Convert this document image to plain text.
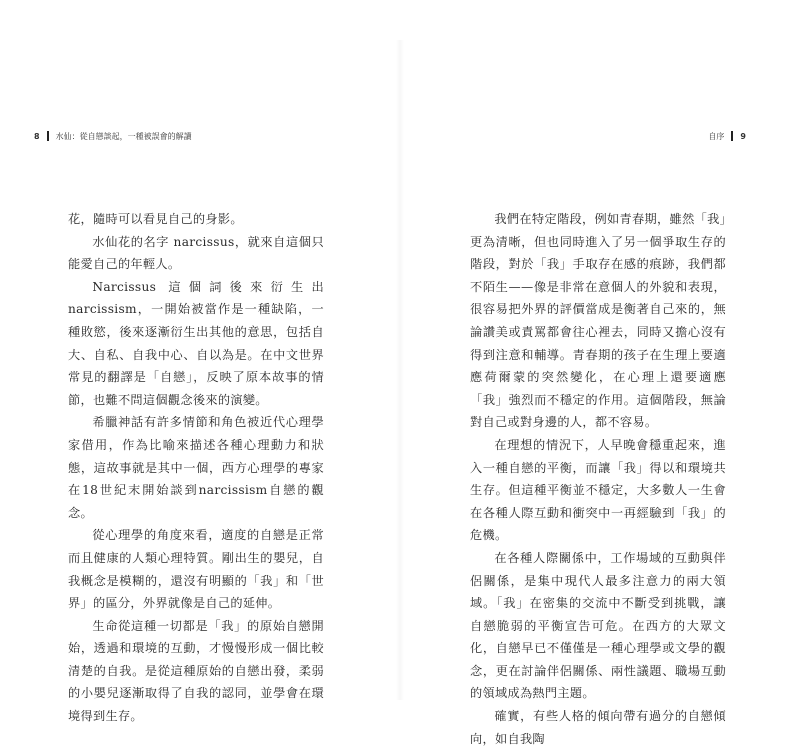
8 水仙：從自戀談起，一種被誤會的解讀	自序 9

花，隨時可以看見自己的身影。

水仙花的名字 narcissus，就來自這個只能愛自己的年輕人。

Narcissus 這個詞後來衍生出 narcissism，一開始被當作是一種缺陷，一種敗慾，後來逐漸衍生出其他的意思，包括自大、自私、自我中心、自以為是。在中文世界常見的翻譯是「自戀」，反映了原本故事的情節，也難不問這個觀念後來的演變。

希臘神話有許多情節和角色被近代心理學家借用，作為比喻來描述各種心理動力和狀態，這故事就是其中一個，西方心理學的專家在18世紀末開始談到narcissism自戀的觀念。

從心理學的角度來看，適度的自戀是正常而且健康的人類心理特質。剛出生的嬰兒，自我概念是模糊的，還沒有明顯的「我」和「世界」的區分，外界就像是自己的延伸。

生命從這種一切都是「我」的原始自戀開始，透過和環境的互動，才慢慢形成一個比較清楚的自我。是從這種原始的自戀出發，柔弱的小嬰兒逐漸取得了自我的認同，並學會在環境得到生存。

我們在特定階段，例如青春期，雖然「我」更為清晰，但也同時進入了另一個爭取生存的階段，對於「我」手取存在感的痕跡，我們都不陌生——像是非常在意個人的外貌和表現，很容易把外界的評價當成是衡著自己來的，無論讚美或責罵都會往心裡去，同時又擔心沒有得到注意和輔導。青春期的孩子在生理上要適應荷爾蒙的突然變化，在心理上還要適應「我」強烈而不穩定的作用。這個階段，無論對自己或對身邊的人，都不容易。

在理想的情況下，人早晚會穩重起來，進入一種自戀的平衡，而讓「我」得以和環境共生存。但這種平衡並不穩定，大多數人一生會在各種人際互動和衝突中一再經驗到「我」的危機。

在各種人際關係中，工作場域的互動與伴侶關係，是集中現代人最多注意力的兩大領域。「我」在密集的交流中不斷受到挑戰，讓自戀脆弱的平衡宣告可危。在西方的大眾文化，自戀早已不僅僅是一種心理學或文學的觀念，更在討論伴侶關係、兩性議題、職場互動的領域成為熱門主題。

確實，有些人格的傾向帶有過分的自戀傾向，如自我陶
